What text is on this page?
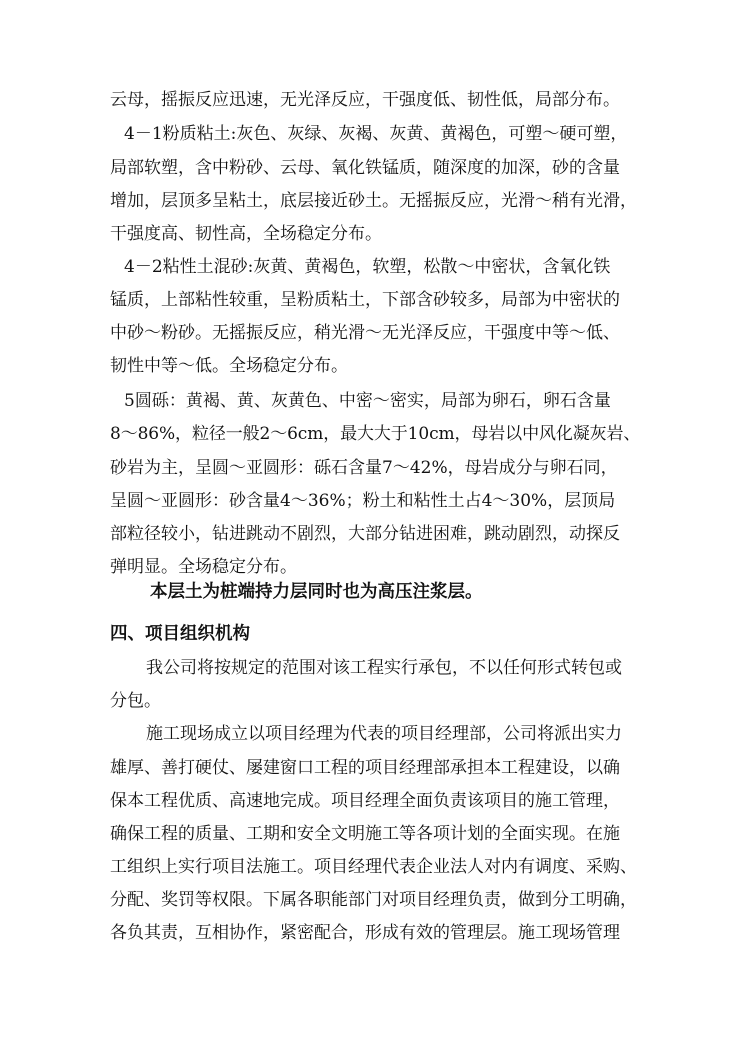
云母，摇振反应迅速，无光泽反应，干强度低、韧性低，局部分布。
4－1粉质粘土:灰色、灰绿、灰褐、灰黄、黄褐色，可塑～硬可塑，
局部软塑，含中粉砂、云母、氧化铁锰质，随深度的加深，砂的含量
增加，层顶多呈粘土，底层接近砂土。无摇振反应，光滑～稍有光滑，
干强度高、韧性高，全场稳定分布。
4－2粘性土混砂:灰黄、黄褐色，软塑，松散～中密状，含氧化铁
锰质，上部粘性较重，呈粉质粘土，下部含砂较多，局部为中密状的
中砂～粉砂。无摇振反应，稍光滑～无光泽反应，干强度中等～低、
韧性中等～低。全场稳定分布。
5圆砾：黄褐、黄、灰黄色、中密～密实，局部为卵石，卵石含量
8～86%，粒径一般2～6cm，最大大于10cm，母岩以中风化凝灰岩、
砂岩为主，呈圆～亚圆形：砾石含量7～42%，母岩成分与卵石同，
呈圆～亚圆形：砂含量4～36%；粉土和粘性土占4～30%，层顶局
部粒径较小，钻进跳动不剧烈，大部分钻进困难，跳动剧烈，动探反
弹明显。全场稳定分布。
本层土为桩端持力层同时也为高压注浆层。
四、项目组织机构
我公司将按规定的范围对该工程实行承包，不以任何形式转包或
分包。
施工现场成立以项目经理为代表的项目经理部，公司将派出实力
雄厚、善打硬仗、屡建窗口工程的项目经理部承担本工程建设，以确
保本工程优质、高速地完成。项目经理全面负责该项目的施工管理，
确保工程的质量、工期和安全文明施工等各项计划的全面实现。在施
工组织上实行项目法施工。项目经理代表企业法人对内有调度、采购、
分配、奖罚等权限。下属各职能部门对项目经理负责，做到分工明确，
各负其责，互相协作，紧密配合，形成有效的管理层。施工现场管理
